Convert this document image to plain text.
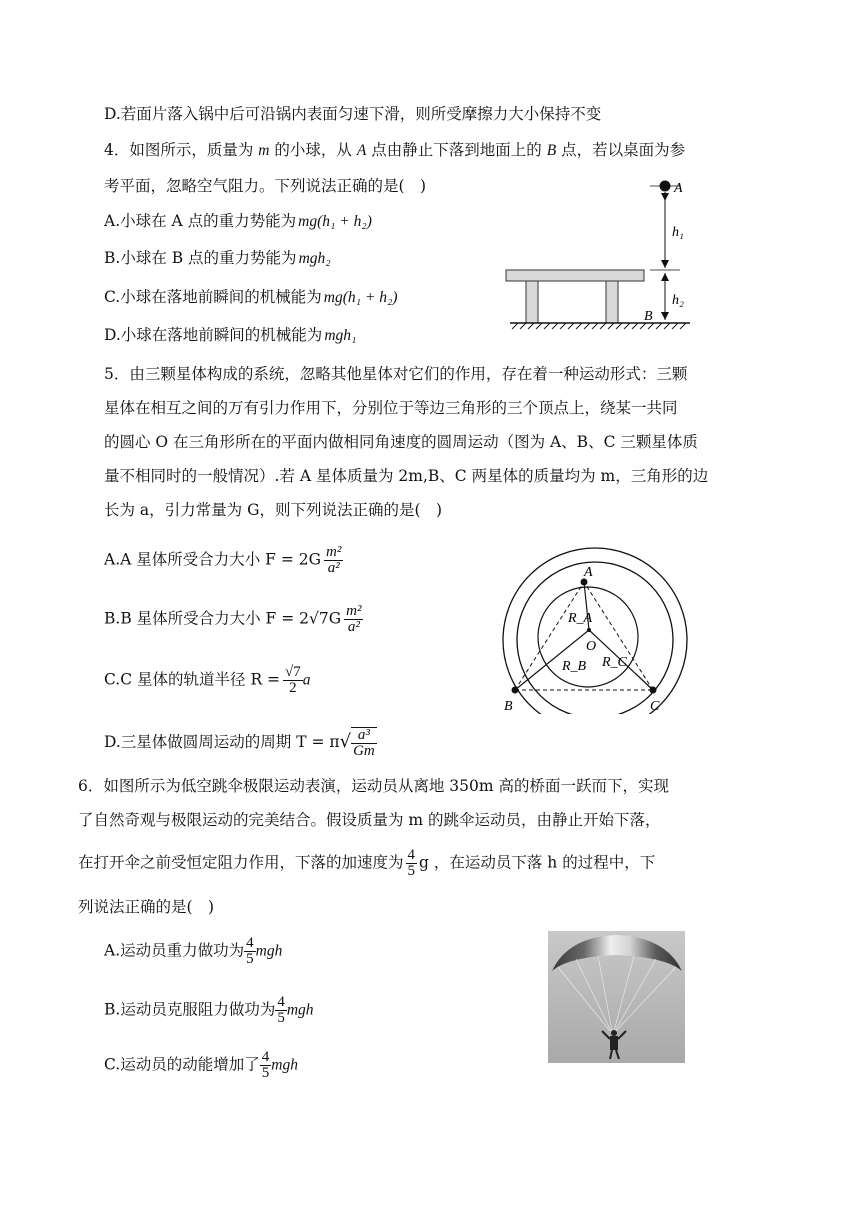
D.若面片落入锅中后可沿锅内表面匀速下滑，则所受摩擦力大小保持不变
4．如图所示，质量为 m 的小球，从 A 点由静止下落到地面上的 B 点，若以桌面为参
考平面，忽略空气阻力。下列说法正确的是(　)
A.小球在 A 点的重力势能为 mg(h₁ + h₂)
B.小球在 B 点的重力势能为 mgh₂
C.小球在落地前瞬间的机械能为 mg(h₁ + h₂)
D.小球在落地前瞬间的机械能为 mgh₁
A
h₁
h₂
B
5．由三颗星体构成的系统，忽略其他星体对它们的作用，存在着一种运动形式：三颗
星体在相互之间的万有引力作用下，分别位于等边三角形的三个顶点上，绕某一共同
的圆心 O 在三角形所在的平面内做相同角速度的圆周运动（图为 A、B、C 三颗星体质
量不相同时的一般情况）.若 A 星体质量为 2m,B、C 两星体的质量均为 m，三角形的边
长为 a，引力常量为 G，则下列说法正确的是(　)
A.A 星体所受合力大小 $F = 2G \frac{\text{m²}}{\text{a²}}$
B.B 星体所受合力大小 $F = 2√7G \frac{\text{m²}}{\text{a²}}$
C.C 星体的轨道半径 $R = \frac{√7}{2}$ a
D.三星体做圆周运动的周期 $T = \pi√ \frac{\text{a³}}{Gm}$
A
B	C
O
R_A
R_B R_C
6．如图所示为低空跳伞极限运动表演，运动员从离地 350m 高的桥面一跃而下，实现
了自然奇观与极限运动的完美结合。假设质量为 m 的跳伞运动员，由静止开始下落，
在打开伞之前受恒定阻力作用，下落的加速度为 $\frac{4}{5}$ g ，在运动员下落 h 的过程中，下
列说法正确的是(　)
A.运动员重力做功为 $\frac{4}{5}$ mgh
B.运动员克服阻力做功为 $\frac{4}{5}$ mgh
C.运动员的动能增加了 $\frac{4}{5}$ mgh
